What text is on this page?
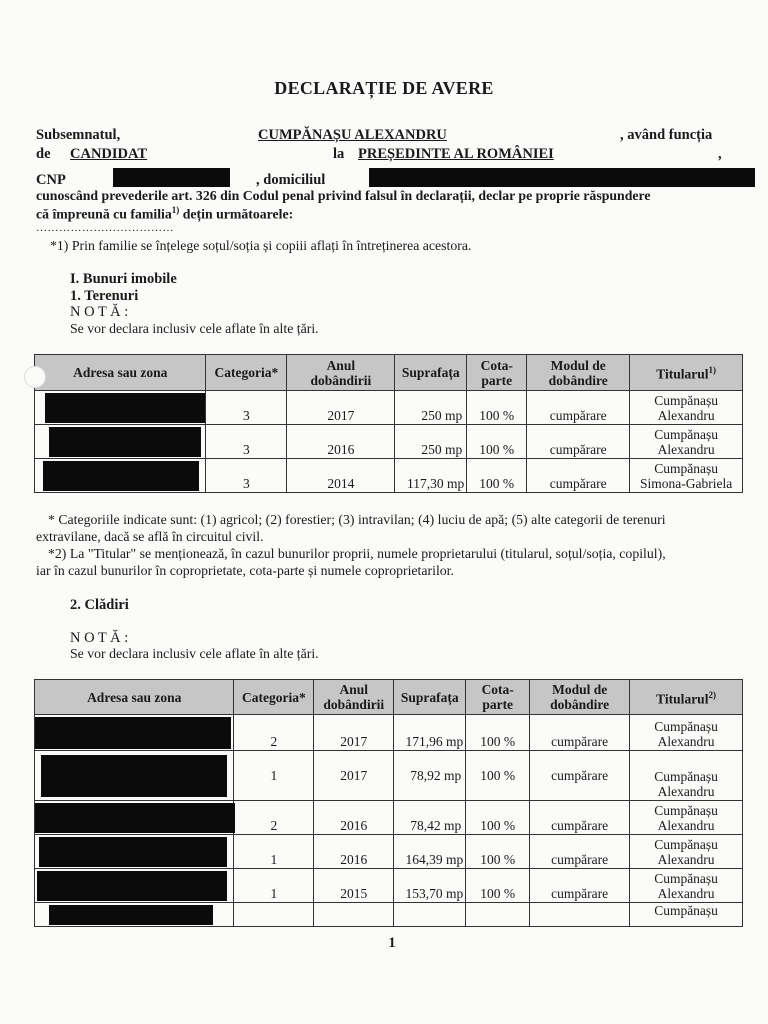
DECLARAȚIE DE AVERE
Subsemnatul,	CUMPĂNAȘU ALEXANDRU	, având funcția
de CANDIDAT	la PREȘEDINTE AL ROMÂNIEI	,
CNP	, domiciliul
cunoscând prevederile art. 326 din Codul penal privind falsul în declarații, declar pe proprie răspundere
că împreună cu familia$^{1)}$ dețin următoarele:
………………………………
*1) Prin familie se înțelege soțul/soția și copiii aflați în întreținerea acestora.
I. Bunuri imobile
1. Terenuri
N O T Ă :
Se vor declara inclusiv cele aflate în alte țări.
Adresa sau zona	Categoria*	Anul dobândirii	Suprafața	Cota-parte	Modul de dobândire	Titularul$^{1)}$

	3	2017	250 mp	100 %	cumpărare	Cumpănașu
Alexandru

	3	2016	250 mp	100 %	cumpărare	Cumpănașu
Alexandru

	3	2014	117,30 mp	100 %	cumpărare	Cumpănașu
Simona-Gabriela
* Categoriile indicate sunt: (1) agricol; (2) forestier; (3) intravilan; (4) luciu de apă; (5) alte categorii de terenuri
extravilane, dacă se află în circuitul civil.
*2) La "Titular" se menționează, în cazul bunurilor proprii, numele proprietarului (titularul, soțul/soția, copilul),
iar în cazul bunurilor în coproprietate, cota-parte și numele coproprietarilor.
2. Clădiri
N O T Ă :
Se vor declara inclusiv cele aflate în alte țări.
Adresa sau zona	Categoria*	Anul dobândirii	Suprafața	Cota-parte	Modul de dobândire	Titularul$^{2)}$

	2	2017	171,96 mp	100 %	cumpărare	Cumpănașu
Alexandru

	1	2017	78,92 mp	100 %	cumpărare	Cumpănașu
Alexandru

	2	2016	78,42 mp	100 %	cumpărare	Cumpănașu
Alexandru

	1	2016	164,39 mp	100 %	cumpărare	Cumpănașu
Alexandru

	1	2015	153,70 mp	100 %	cumpărare	Cumpănașu
Alexandru

						Cumpănașu
1
